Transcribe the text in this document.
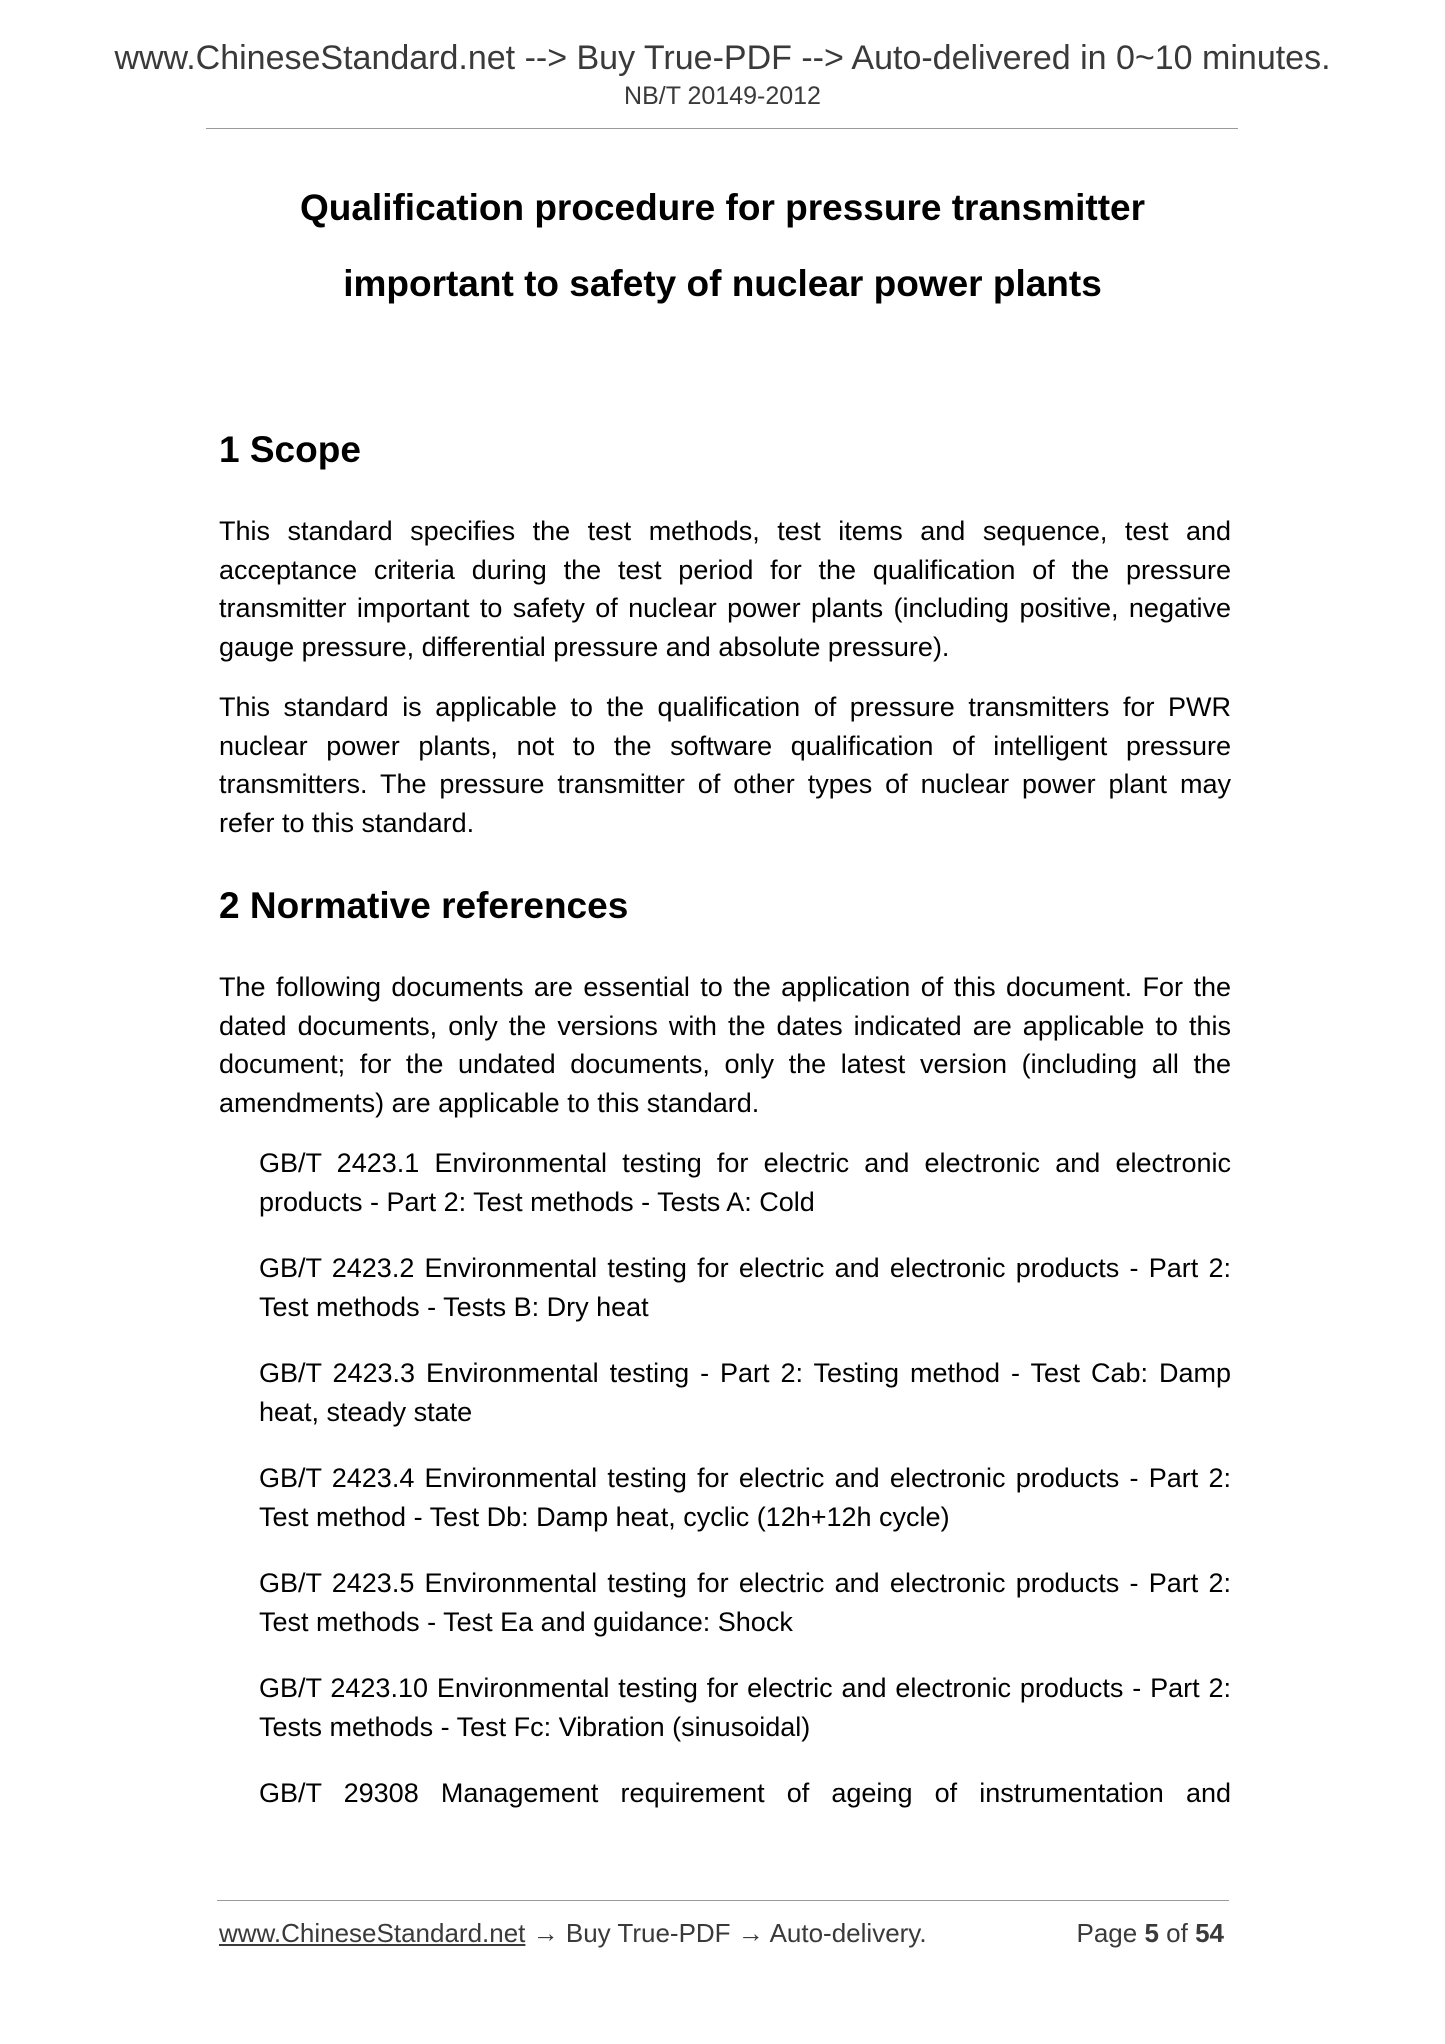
www.ChineseStandard.net --> Buy True-PDF --> Auto-delivered in 0~10 minutes.
NB/T 20149-2012
Qualification procedure for pressure transmitter
important to safety of nuclear power plants
1 Scope

This standard specifies the test methods, test items and sequence, test and acceptance criteria during the test period for the qualification of the pressure transmitter important to safety of nuclear power plants (including positive, negative gauge pressure, differential pressure and absolute pressure).

This standard is applicable to the qualification of pressure transmitters for PWR nuclear power plants, not to the software qualification of intelligent pressure transmitters. The pressure transmitter of other types of nuclear power plant may refer to this standard.

2 Normative references

The following documents are essential to the application of this document. For the dated documents, only the versions with the dates indicated are applicable to this document; for the undated documents, only the latest version (including all the amendments) are applicable to this standard.

GB/T 2423.1 Environmental testing for electric and electronic and electronic products - Part 2: Test methods - Tests A: Cold

GB/T 2423.2 Environmental testing for electric and electronic products - Part 2: Test methods - Tests B: Dry heat

GB/T 2423.3 Environmental testing - Part 2: Testing method - Test Cab: Damp heat, steady state

GB/T 2423.4 Environmental testing for electric and electronic products - Part 2: Test method - Test Db: Damp heat, cyclic (12h+12h cycle)

GB/T 2423.5 Environmental testing for electric and electronic products - Part 2: Test methods - Test Ea and guidance: Shock

GB/T 2423.10 Environmental testing for electric and electronic products - Part 2: Tests methods - Test Fc: Vibration (sinusoidal)

GB/T 29308 Management requirement of ageing of instrumentation and

www.ChineseStandard.net → Buy True-PDF → Auto-delivery.	Page 5 of 54
